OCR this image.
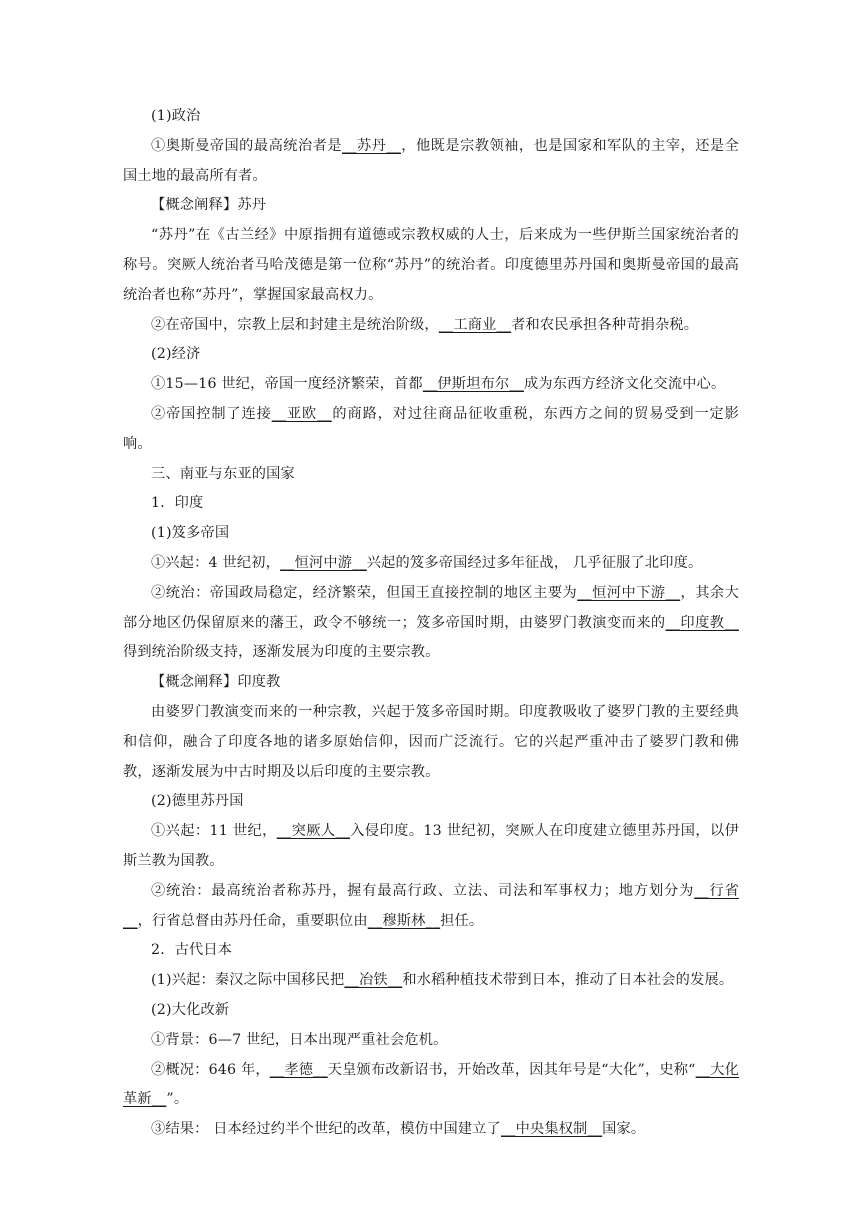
(1)政治

①奥斯曼帝国的最高统治者是__苏丹__，他既是宗教领袖，也是国家和军队的主宰，还是全国土地的最高所有者。

【概念阐释】苏丹

“苏丹”在《古兰经》中原指拥有道德或宗教权威的人士，后来成为一些伊斯兰国家统治者的称号。突厥人统治者马哈茂德是第一位称“苏丹”的统治者。印度德里苏丹国和奥斯曼帝国的最高统治者也称“苏丹”，掌握国家最高权力。

②在帝国中，宗教上层和封建主是统治阶级，__工商业__者和农民承担各种苛捐杂税。

(2)经济

①15—16 世纪，帝国一度经济繁荣，首都__伊斯坦布尔__成为东西方经济文化交流中心。

②帝国控制了连接__亚欧__的商路，对过往商品征收重税，东西方之间的贸易受到一定影响。

三、南亚与东亚的国家

1．印度

(1)笈多帝国

①兴起：4 世纪初，__恒河中游__兴起的笈多帝国经过多年征战， 几乎征服了北印度。

②统治：帝国政局稳定，经济繁荣，但国王直接控制的地区主要为__恒河中下游__，其余大部分地区仍保留原来的藩王，政令不够统一；笈多帝国时期，由婆罗门教演变而来的__印度教__得到统治阶级支持，逐渐发展为印度的主要宗教。

【概念阐释】印度教

由婆罗门教演变而来的一种宗教，兴起于笈多帝国时期。印度教吸收了婆罗门教的主要经典和信仰，融合了印度各地的诸多原始信仰，因而广泛流行。它的兴起严重冲击了婆罗门教和佛教，逐渐发展为中古时期及以后印度的主要宗教。

(2)德里苏丹国

①兴起：11 世纪，__突厥人__入侵印度。13 世纪初，突厥人在印度建立德里苏丹国，以伊斯兰教为国教。

②统治：最高统治者称苏丹，握有最高行政、立法、司法和军事权力；地方划分为__行省__，行省总督由苏丹任命，重要职位由__穆斯林__担任。

2．古代日本

(1)兴起：秦汉之际中国移民把__冶铁__和水稻种植技术带到日本，推动了日本社会的发展。

(2)大化改新

①背景：6—7 世纪，日本出现严重社会危机。

②概况：646 年，__孝德__天皇颁布改新诏书，开始改革，因其年号是“大化”，史称“__大化革新__”。

③结果： 日本经过约半个世纪的改革，模仿中国建立了__中央集权制__国家。
